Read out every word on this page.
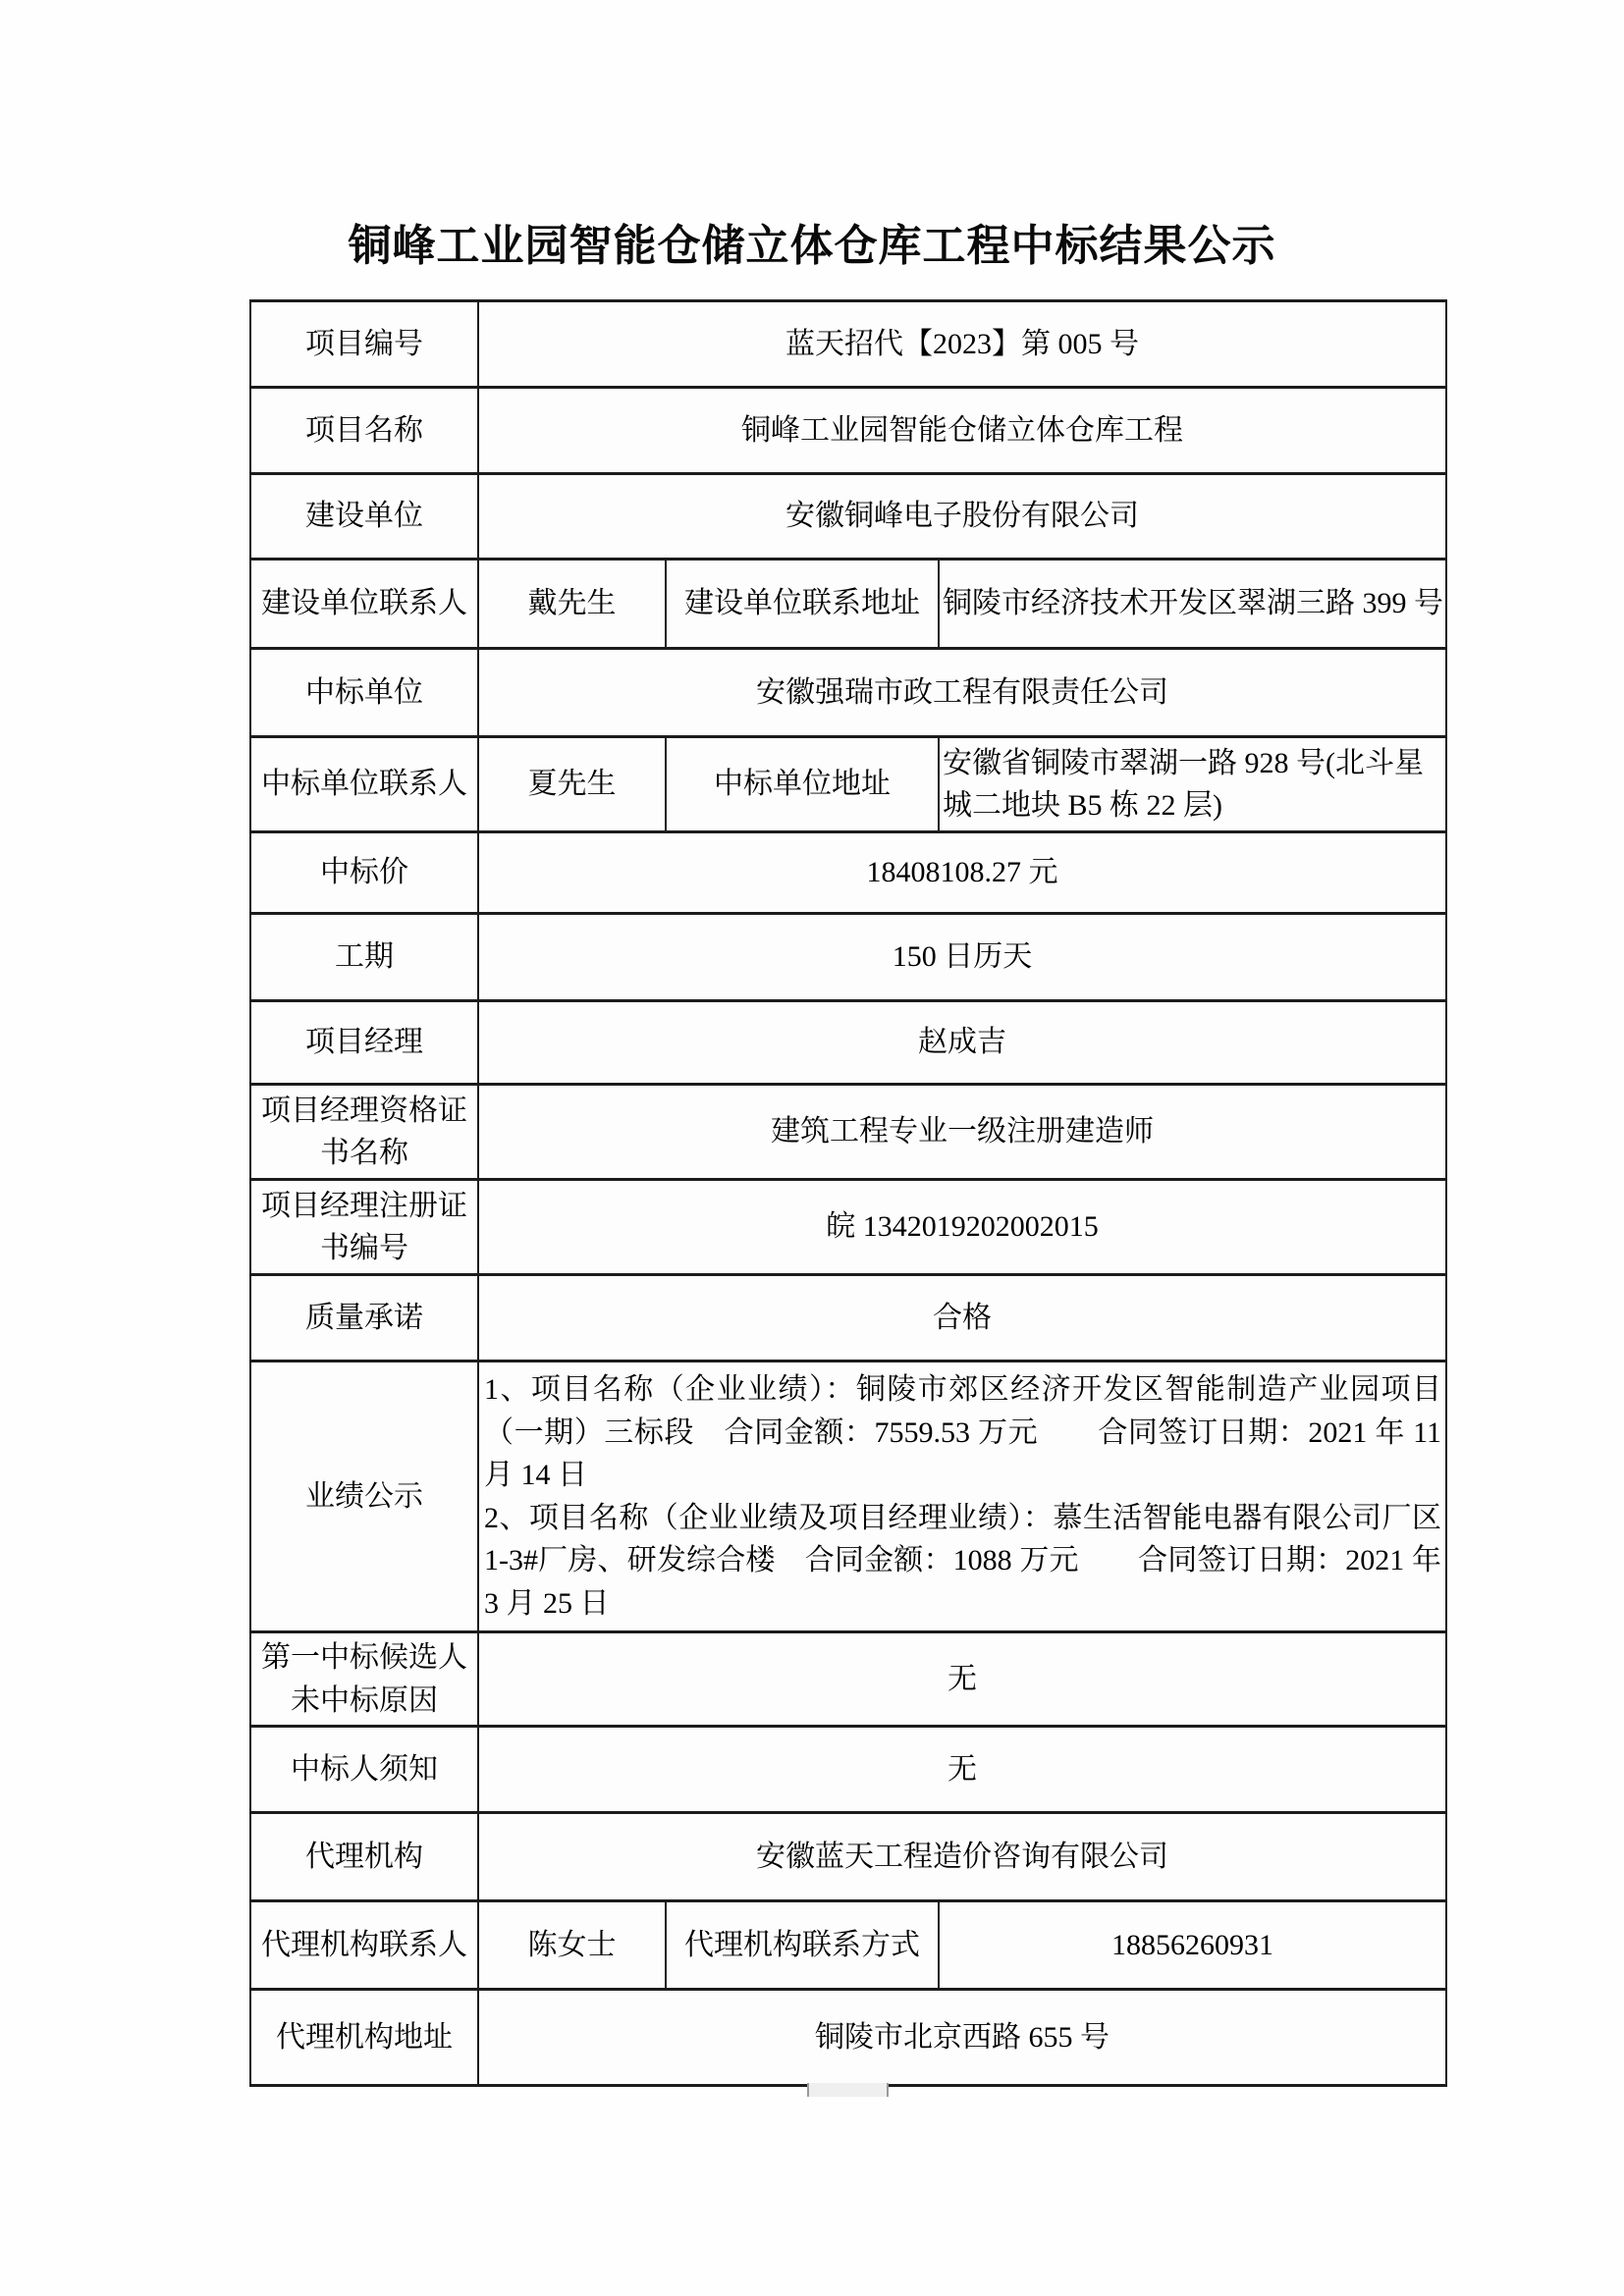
铜峰工业园智能仓储立体仓库工程中标结果公示
项目编号	蓝天招代【2023】第 005 号		
项目名称	铜峰工业园智能仓储立体仓库工程		
建设单位	安徽铜峰电子股份有限公司		
建设单位联系人	戴先生	建设单位联系地址	铜陵市经济技术开发区翠湖三路 399 号
中标单位	安徽强瑞市政工程有限责任公司		
中标单位联系人	夏先生	中标单位地址	安徽省铜陵市翠湖一路 928 号(北斗星城二地块 B5 栋 22 层)
中标价	18408108.27 元		
工期	150 日历天		
项目经理	赵成吉		
项目经理资格证书名称	建筑工程专业一级注册建造师		
项目经理注册证书编号	皖 1342019202002015		
质量承诺	合格		
业绩公示	1、项目名称（企业业绩）：铜陵市郊区经济开发区智能制造产业园项目（一期）三标段　合同金额：7559.53 万元　　合同签订日期：2021 年 11 月 14 日
2、项目名称（企业业绩及项目经理业绩）：慕生活智能电器有限公司厂区 1-3#厂房、研发综合楼　合同金额：1088 万元　　合同签订日期：2021 年 3 月 25 日		

第一中标候选人未中标原因	无		
中标人须知	无		
代理机构	安徽蓝天工程造价咨询有限公司		
代理机构联系人	陈女士	代理机构联系方式	18856260931
代理机构地址	铜陵市北京西路 655 号		
